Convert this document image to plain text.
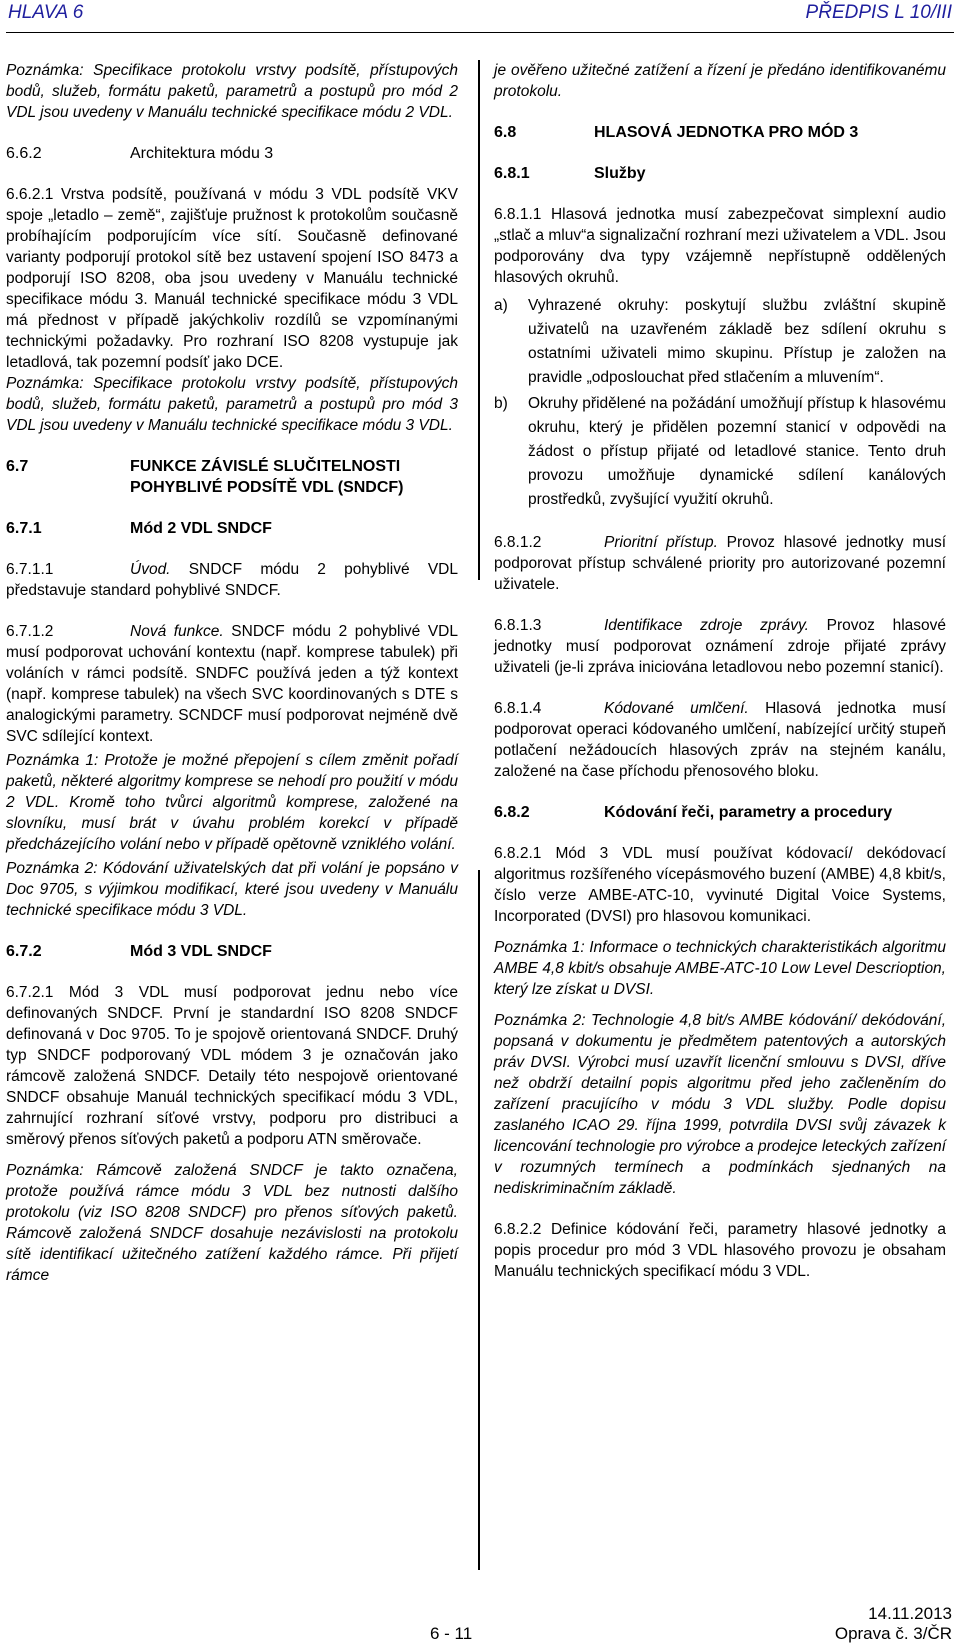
HLAVA 6	PŘEDPIS L 10/III

Poznámka: Specifikace protokolu vrstvy podsítě, přístupových bodů, služeb, formátu paketů, parametrů a postupů pro mód 2 VDL jsou uvedeny v Manuálu technické specifikace módu 2 VDL.

6.6.2	Architektura módu 3

6.6.2.1 Vrstva podsítě, používaná v módu 3 VDL podsítě VKV spoje „letadlo – země“, zajišťuje pružnost k protokolům současně probíhajícím podporujícím více sítí. Současně definované varianty podporují protokol sítě bez ustavení spojení ISO 8473 a podporují ISO 8208, oba jsou uvedeny v Manuálu technické specifikace módu 3. Manuál technické specifikace módu 3 VDL má přednost v případě jakýchkoliv rozdílů se vzpomínanými technickými požadavky. Pro rozhraní ISO 8208 vystupuje jak letadlová, tak pozemní podsíť jako DCE.

Poznámka: Specifikace protokolu vrstvy podsítě, přístupových bodů, služeb, formátu paketů, parametrů a postupů pro mód 3 VDL jsou uvedeny v Manuálu technické specifikace módu 3 VDL.

6.7	FUNKCE ZÁVISLÉ SLUČITELNOSTI POHYBLIVÉ PODSÍTĚ VDL (SNDCF)
6.7.1	Mód 2 VDL SNDCF

6.7.1.1	Úvod. SNDCF módu 2 pohyblivé VDL představuje standard pohyblivé SNDCF.

6.7.1.2	Nová funkce. SNDCF módu 2 pohyblivé VDL musí podporovat uchování kontextu (např. komprese tabulek) při voláních v rámci podsítě. SNDFC používá jeden a týž kontext (např. komprese tabulek) na všech SVC koordinovaných s DTE s analogickými parametry. SCNDCF musí podporovat nejméně dvě SVC sdílející kontext.

Poznámka 1: Protože je možné přepojení s cílem změnit pořadí paketů, některé algoritmy komprese se nehodí pro použití v módu 2 VDL. Kromě toho tvůrci algoritmů komprese, založené na slovníku, musí brát v úvahu problém korekcí v případě předcházejícího volání nebo v případě opětovně vzniklého volání.

Poznámka 2: Kódování uživatelských dat při volání je popsáno v Doc 9705, s výjimkou modifikací, které jsou uvedeny v Manuálu technické specifikace módu 3 VDL.

6.7.2	Mód 3 VDL SNDCF

6.7.2.1 Mód 3 VDL musí podporovat jednu nebo více definovaných SNDCF. První je standardní ISO 8208 SNDCF definovaná v Doc 9705. To je spojově orientovaná SNDCF. Druhý typ SNDCF podporovaný VDL módem 3 je označován jako rámcově založená SNDCF. Detaily této nespojově orientované SNDCF obsahuje Manuál technických specifikací módu 3 VDL, zahrnující rozhraní síťové vrstvy, podporu pro distribuci a směrový přenos síťových paketů a podporu ATN směrovače.

Poznámka: Rámcově založená SNDCF je takto označena, protože používá rámce módu 3 VDL bez nutnosti dalšího protokolu (viz ISO 8208 SNDCF) pro přenos síťových paketů. Rámcově založená SNDCF dosahuje nezávislosti na protokolu sítě identifikací užitečného zatížení každého rámce. Při přijetí rámce

je ověřeno užitečné zatížení a řízení je předáno identifikovanému protokolu.

6.8	HLASOVÁ JEDNOTKA PRO MÓD 3
6.8.1	Služby

6.8.1.1 Hlasová jednotka musí zabezpečovat simplexní audio „stlač a mluv“a signalizační rozhraní mezi uživatelem a VDL. Jsou podporovány dva typy vzájemně nepřístupně oddělených hlasových okruhů.

a)	Vyhrazené okruhy: poskytují službu zvláštní skupině uživatelů na uzavřeném základě bez sdílení okruhu s ostatními uživateli mimo skupinu. Přístup je založen na pravidle „odposlouchat před stlačením a mluvením“.
b)	Okruhy přidělené na požádání umožňují přístup k hlasovému okruhu, který je přidělen pozemní stanicí v odpovědi na žádost o přístup přijaté od letadlové stanice. Tento druh provozu umožňuje dynamické sdílení kanálových prostředků, zvyšující využití okruhů.

6.8.1.2	Prioritní přístup. Provoz hlasové jednotky musí podporovat přístup schválené priority pro autorizované pozemní uživatele.

6.8.1.3	Identifikace zdroje zprávy. Provoz hlasové jednotky musí podporovat oznámení zdroje přijaté zprávy uživateli (je-li zpráva iniciována letadlovou nebo pozemní stanicí).

6.8.1.4	Kódované umlčení. Hlasová jednotka musí podporovat operaci kódovaného umlčení, nabízející určitý stupeň potlačení nežádoucích hlasových zpráv na stejném kanálu, založené na čase příchodu přenosového bloku.

6.8.2	Kódování řeči, parametry a procedury

6.8.2.1 Mód 3 VDL musí používat kódovací/ dekódovací algoritmus rozšířeného vícepásmového buzení (AMBE) 4,8 kbit/s, číslo verze AMBE-ATC-10, vyvinuté Digital Voice Systems, Incorporated (DVSI) pro hlasovou komunikaci.

Poznámka 1: Informace o technických charakteristikách algoritmu AMBE 4,8 kbit/s obsahuje AMBE-ATC-10 Low Level Descrioption, který lze získat u DVSI.

Poznámka 2: Technologie 4,8 bit/s AMBE kódování/ dekódování, popsaná v dokumentu je předmětem patentových a autorských práv DVSI. Výrobci musí uzavřít licenční smlouvu s DVSI, dříve než obdrží detailní popis algoritmu před jeho začleněním do zařízení pracujícího v módu 3 VDL služby. Podle dopisu zaslaného ICAO 29. října 1999, potvrdila DVSI svůj závazek k licencování technologie pro výrobce a prodejce leteckých zařízení v rozumných termínech a podmínkách sjednaných na nediskriminačním základě.

6.8.2.2 Definice kódování řeči, parametry hlasové jednotky a popis procedur pro mód 3 VDL hlasového provozu je obsaham Manuálu technických specifikací módu 3 VDL.

6 - 11
14.11.2013
Oprava č. 3/ČR
